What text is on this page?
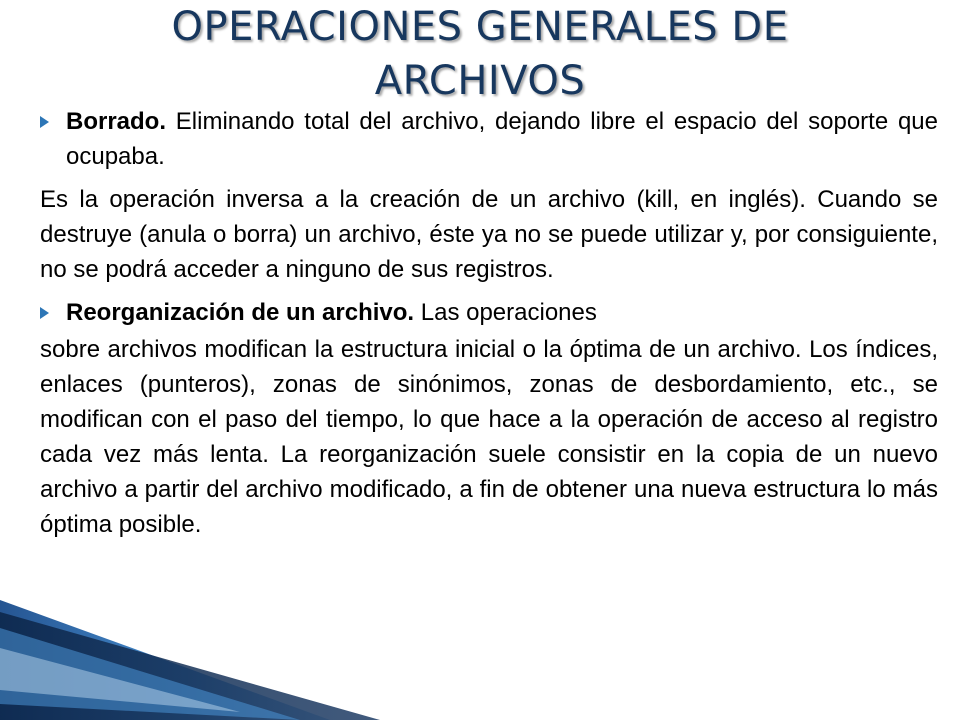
OPERACIONES GENERALES DE ARCHIVOS

Borrado. Eliminando total del archivo, dejando libre el espacio del soporte que ocupaba.

Es la operación inversa a la creación de un archivo (kill, en inglés). Cuando se destruye (anula o borra) un archivo, éste ya no se puede utilizar y, por consiguiente, no se podrá acceder a ninguno de sus registros.

Reorganización de un archivo. Las operaciones

sobre archivos modifican la estructura inicial o la óptima de un archivo. Los índices, enlaces (punteros), zonas de sinónimos, zonas de desbordamiento, etc., se modifican con el paso del tiempo, lo que hace a la operación de acceso al registro cada vez más lenta. La reorganización suele consistir en la copia de un nuevo archivo a partir del archivo modificado, a fin de obtener una nueva estructura lo más óptima posible.
